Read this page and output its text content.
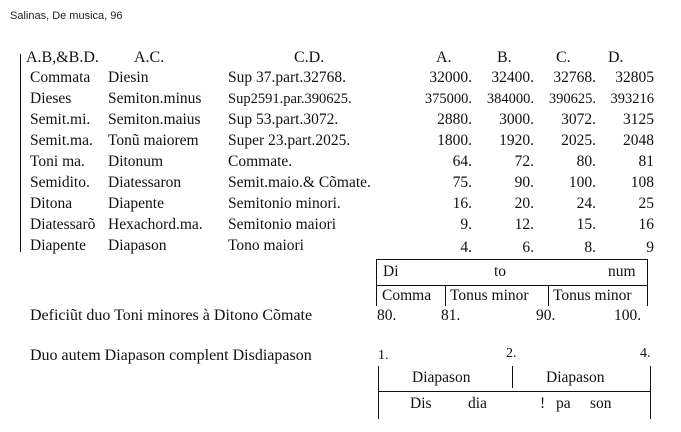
Salinas, De musica, 96
A.B,&B.D. A.C.	C.D.	A.	B.	C. D.
Commata Diesin	Sup 37.part.32768.	32000.	32400.	32768.	32805
Dieses Semiton.minus Sup2591.par.390625.	375000.	384000.	390625.	393216
Semit.mi. Semiton.maius Sup 53.part.3072.	2880.	3000.	3072.	3125
Semit.ma. Tonũ maiorem Super 23.part.2025.	1800.	1920.	2025.	2048
Toni ma. Ditonum	Commate.	64.	72.	80.	81
Semidito. Diatessaron	Semit.maio.& Cõmate.	75.	90.	100.	108
Ditona Diapente	Semitonio minori.	16.	20.	24.	25
Diatessarõ Hexachord.ma. Semitonio maiori	9.	12.	15.	16
Diapente Diapason	Tono maiori	4.	6.	8.	9
Di	to	num
Comma Tonus minor Tonus minor
Deficiũt duo Toni minores à Ditono Cõmate	80.	81.	90.	100.
Duo autem Diapason complent Disdiapason	1.	2.	4.
Diapason	Diapason
Dis dia	pa son
!
